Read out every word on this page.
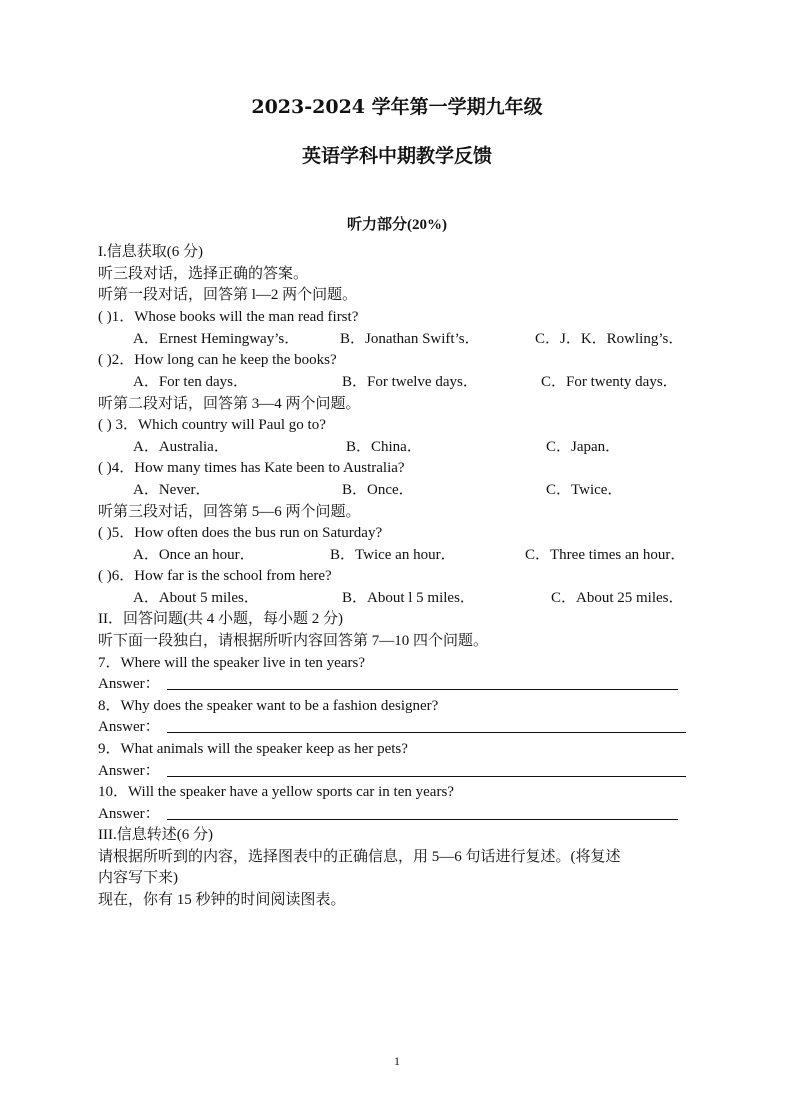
2023-2024 学年第一学期九年级
英语学科中期教学反馈
听力部分(20%)
I.信息获取(6 分)
听三段对话，选择正确的答案。
听第一段对话，回答第 l—2 两个问题。
( )1．Whose books will the man read first?
A．Ernest Hemingway’s．	B．Jonathan Swift’s．	C．J．K．Rowling’s．
( )2．How long can he keep the books?
A．For ten days．	B．For twelve days．	C．For twenty days．
听第二段对话，回答第 3—4 两个问题。
( ) 3．Which country will Paul go to?
A．Australia．	B．China．	C．Japan．
( )4．How many times has Kate been to Australia?
A．Never．	B．Once．	C．Twice．
听第三段对话，回答第 5—6 两个问题。
( )5．How often does the bus run on Saturday?
A．Once an hour．	B．Twice an hour．	C．Three times an hour．
( )6．How far is the school from here?
A．About 5 miles．	B．About l 5 miles．	C．About 25 miles．
II．回答问题(共 4 小题，每小题 2 分)
听下面一段独白，请根据所听内容回答第 7—10 四个问题。
7．Where will the speaker live in ten years?
Answer：
8．Why does the speaker want to be a fashion designer?
Answer：
9．What animals will the speaker keep as her pets?
Answer：
10．Will the speaker have a yellow sports car in ten years?
Answer：
III.信息转述(6 分)
请根据所听到的内容，选择图表中的正确信息，用 5—6 句话进行复述。(将复述
内容写下来)
现在，你有 15 秒钟的时间阅读图表。
1
